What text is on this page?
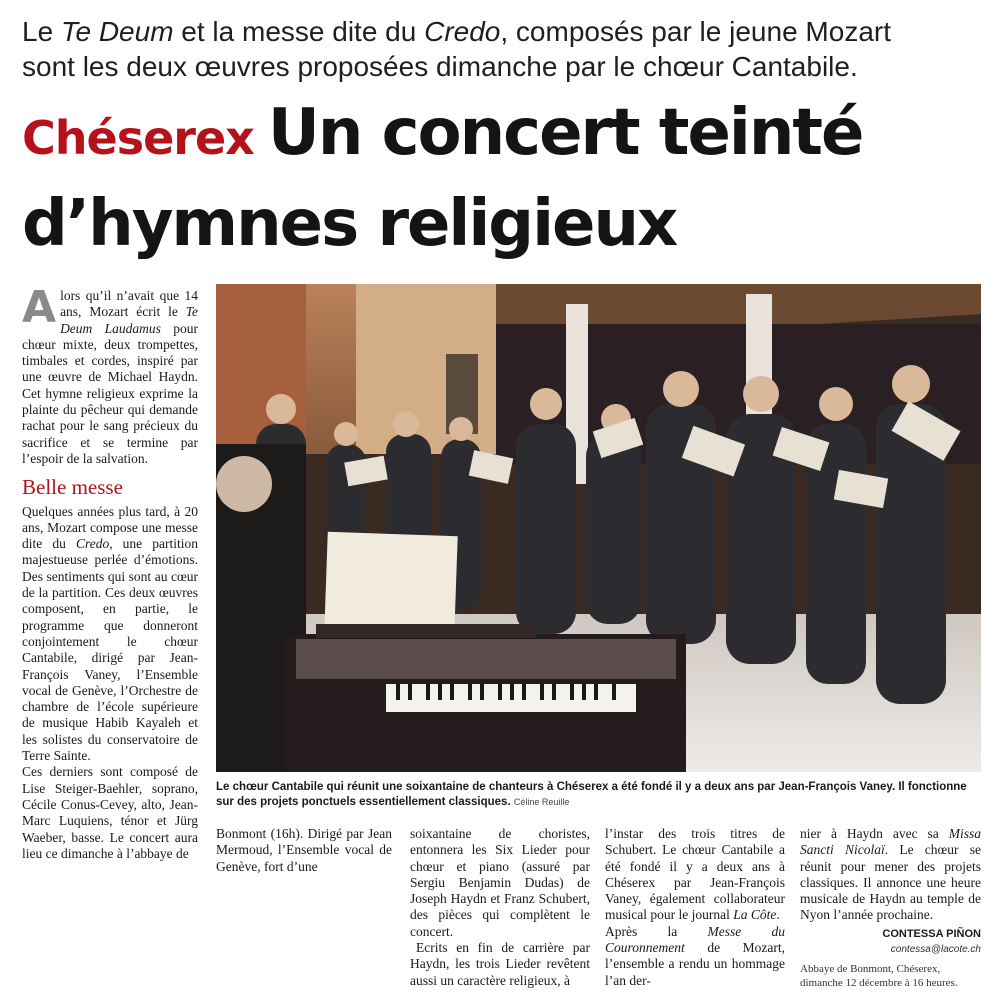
Le Te Deum et la messe dite du Credo, composés par le jeune Mozart
sont les deux œuvres proposées dimanche par le chœur Cantabile.
Chéserex Un concert teinté
d’hymnes religieux

Alors qu’il n’avait que 14 ans, Mozart écrit le Te Deum Laudamus pour chœur mixte, deux trompettes, timbales et cordes, inspiré par une œuvre de Michael Haydn. Cet hymne religieux exprime la plainte du pêcheur qui demande rachat pour le sang précieux du sacrifice et se termine par l’espoir de la salvation.

Belle messe

Quelques années plus tard, à 20 ans, Mozart compose une messe dite du Credo, une partition majestueuse perlée d’émotions. Des sentiments qui sont au cœur de la partition. Ces deux œuvres composent, en partie, le programme que donneront conjointement le chœur Cantabile, dirigé par Jean-François Vaney, l’Ensemble vocal de Genève, l’Orchestre de chambre de l’école supérieure de musique Habib Kayaleh et les solistes du conservatoire de Terre Sainte.

Ces derniers sont composé de Lise Steiger-Baehler, soprano, Cécile Conus-Cevey, alto, Jean-Marc Luquiens, ténor et Jürg Waeber, basse. Le concert aura lieu ce dimanche à l’abbaye de

Le chœur Cantabile qui réunit une soixantaine de chanteurs à Chéserex a été fondé il y a deux ans par Jean-François Vaney. Il fonctionne sur des projets ponctuels essentiellement classiques. Céline Reuille

Bonmont (16h). Dirigé par Jean Mermoud, l’Ensemble vocal de Genève, fort d’une

soixantaine de choristes, entonnera les Six Lieder pour chœur et piano (assuré par Sergiu Benjamin Dudas) de Joseph Haydn et Franz Schubert, des pièces qui complètent le concert.

Ecrits en fin de carrière par Haydn, les trois Lieder revêtent aussi un caractère religieux, à

l’instar des trois titres de Schubert. Le chœur Cantabile a été fondé il y a deux ans à Chéserex par Jean-François Vaney, également collaborateur musical pour le journal La Côte.

Après la Messe du Couronnement de Mozart, l’ensemble a rendu un hommage l’an der-

nier à Haydn avec sa Missa Sancti Nicolaï. Le chœur se réunit pour mener des projets classiques. Il annonce une heure musicale de Haydn au temple de Nyon l’année prochaine.

CONTESSA PIÑON
contessa@lacote.ch
Abbaye de Bonmont, Chéserex, dimanche 12 décembre à 16 heures.
